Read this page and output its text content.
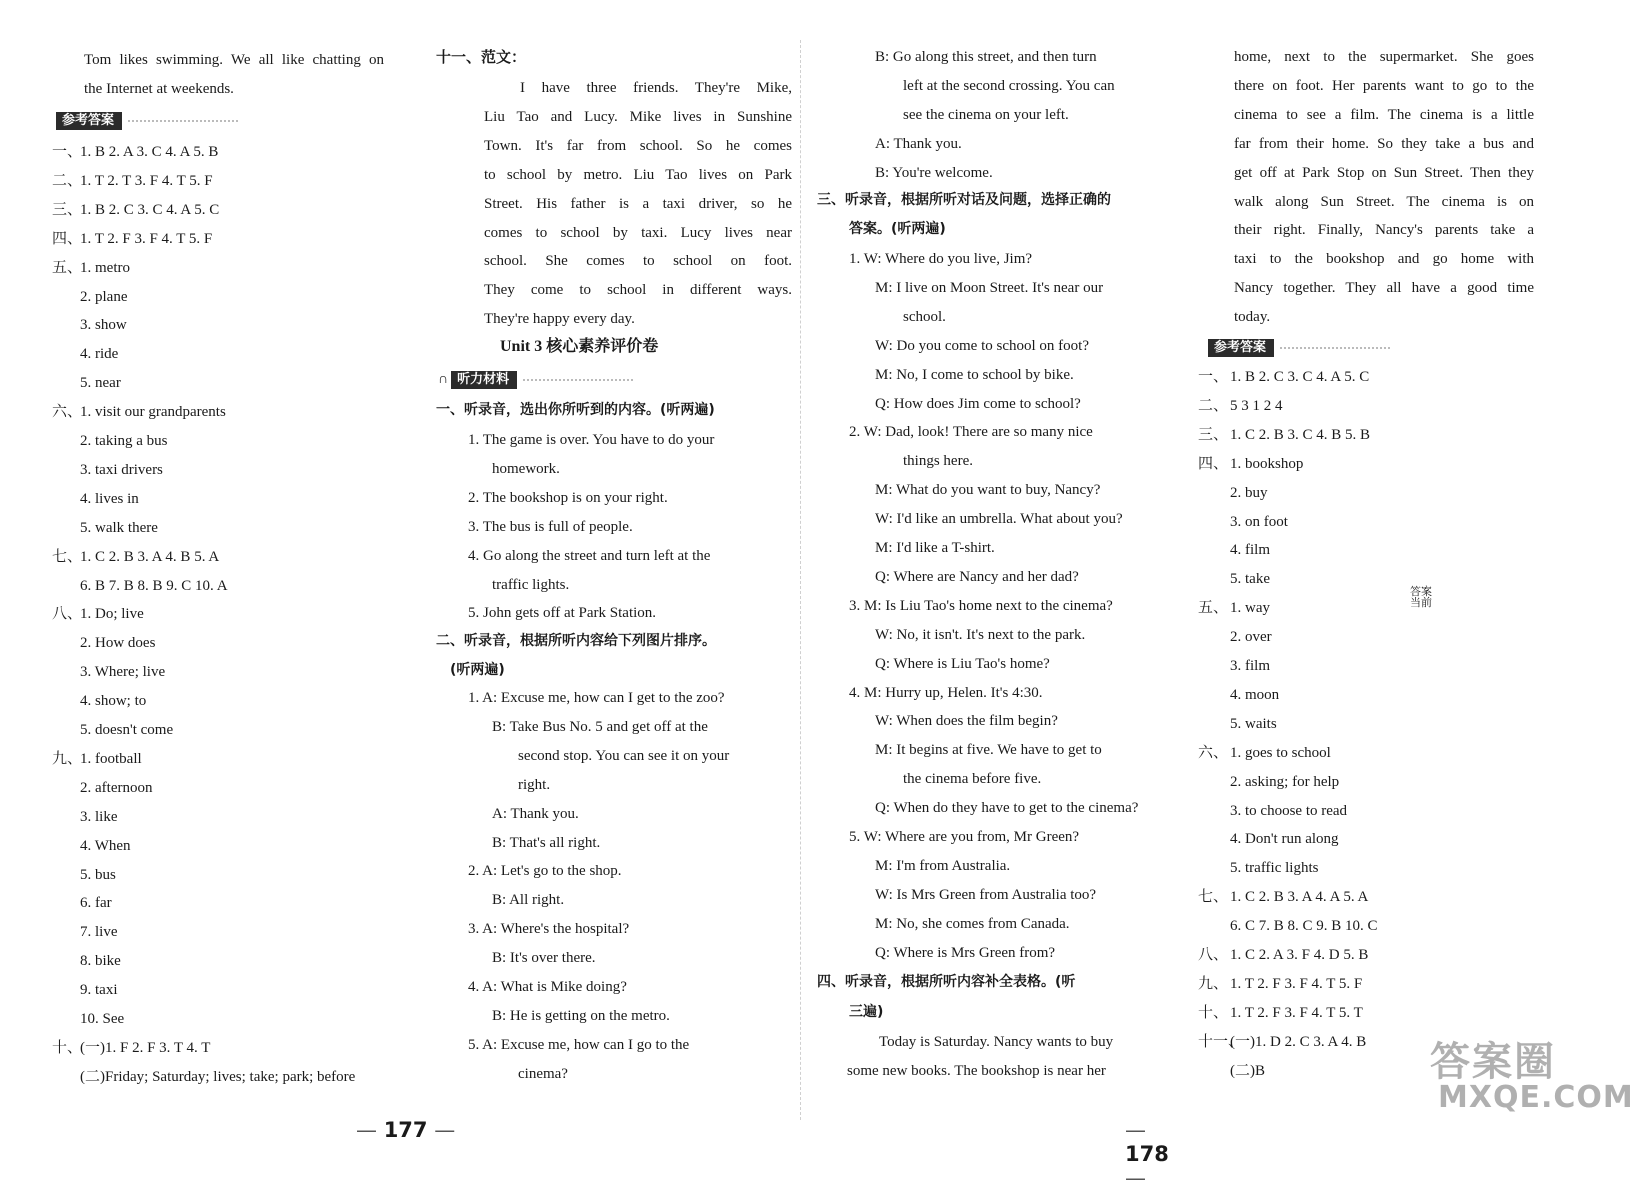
Tom likes swimming. We all like chatting on
the Internet at weekends.
参考答案
一、
1. B 2. A 3. C 4. A 5. B
二、
1. T 2. T 3. F 4. T 5. F
三、
1. B 2. C 3. C 4. A 5. C
四、
1. T 2. F 3. F 4. T 5. F
五、
1. metro
2. plane
3. show
4. ride
5. near
六、
1. visit our grandparents
2. taking a bus
3. taxi drivers
4. lives in
5. walk there
七、
1. C 2. B 3. A 4. B 5. A
6. B 7. B 8. B 9. C 10. A
八、
1. Do; live
2. How does
3. Where; live
4. show; to
5. doesn't come
九、
1. football
2. afternoon
3. like
4. When
5. bus
6. far
7. live
8. bike
9. taxi
10. See
十、
(一)1. F 2. F 3. T 4. T
(二)Friday; Saturday; lives; take; park; before
十一、范文：
I have three friends. They're Mike,
Liu Tao and Lucy. Mike lives in Sunshine
Town. It's far from school. So he comes
to school by metro. Liu Tao lives on Park
Street. His father is a taxi driver, so he
comes to school by taxi. Lucy lives near
school. She comes to school on foot.
They come to school in different ways.
They're happy every day.
Unit 3 核心素养评价卷
∩ 听力材料
一、听录音，选出你所听到的内容。(听两遍)
1. The game is over. You have to do your
homework.
2. The bookshop is on your right.
3. The bus is full of people.
4. Go along the street and turn left at the
traffic lights.
5. John gets off at Park Station.
二、听录音，根据所听内容给下列图片排序。
(听两遍)
1. A: Excuse me, how can I get to the zoo?
B: Take Bus No. 5 and get off at the
second stop. You can see it on your
right.
A: Thank you.
B: That's all right.
2. A: Let's go to the shop.
B: All right.
3. A: Where's the hospital?
B: It's over there.
4. A: What is Mike doing?
B: He is getting on the metro.
5. A: Excuse me, how can I go to the
cinema?
— 177 —
B: Go along this street, and then turn
left at the second crossing. You can
see the cinema on your left.
A: Thank you.
B: You're welcome.
三、听录音，根据所听对话及问题，选择正确的
答案。(听两遍)
1. W: Where do you live, Jim?
M: I live on Moon Street. It's near our
school.
W: Do you come to school on foot?
M: No, I come to school by bike.
Q: How does Jim come to school?
2. W: Dad, look! There are so many nice
things here.
M: What do you want to buy, Nancy?
W: I'd like an umbrella. What about you?
M: I'd like a T-shirt.
Q: Where are Nancy and her dad?
3. M: Is Liu Tao's home next to the cinema?
W: No, it isn't. It's next to the park.
Q: Where is Liu Tao's home?
4. M: Hurry up, Helen. It's 4:30.
W: When does the film begin?
M: It begins at five. We have to get to
the cinema before five.
Q: When do they have to get to the cinema?
5. W: Where are you from, Mr Green?
M: I'm from Australia.
W: Is Mrs Green from Australia too?
M: No, she comes from Canada.
Q: Where is Mrs Green from?
四、听录音，根据所听内容补全表格。(听
三遍)
Today is Saturday. Nancy wants to buy
some new books. The bookshop is near her
— 178 —
home, next to the supermarket. She goes
there on foot. Her parents want to go to the
cinema to see a film. The cinema is a little
far from their home. So they take a bus and
get off at Park Stop on Sun Street. Then they
walk along Sun Street. The cinema is on
their right. Finally, Nancy's parents take a
taxi to the bookshop and go home with
Nancy together. They all have a good time
today.
参考答案
一、 1. B 2. C 3. C 4. A 5. C
二、 5 3 1 2 4
三、 1. C 2. B 3. C 4. B 5. B
四、 1. bookshop
2. buy
3. on foot
4. film
5. take
五、 1. way
2. over
3. film
4. moon
5. waits
六、 1. goes to school
2. asking; for help
3. to choose to read
4. Don't run along
5. traffic lights
七、 1. C 2. B 3. A 4. A 5. A
6. C 7. B 8. C 9. B 10. C
八、 1. C 2. A 3. F 4. D 5. B
九、 1. T 2. F 3. F 4. T 5. F
十、 1. T 2. F 3. F 4. T 5. T
十一、
(一)1. D 2. C 3. A 4. B
(二)B
答案
当前
答案圈
MXQE.COM
